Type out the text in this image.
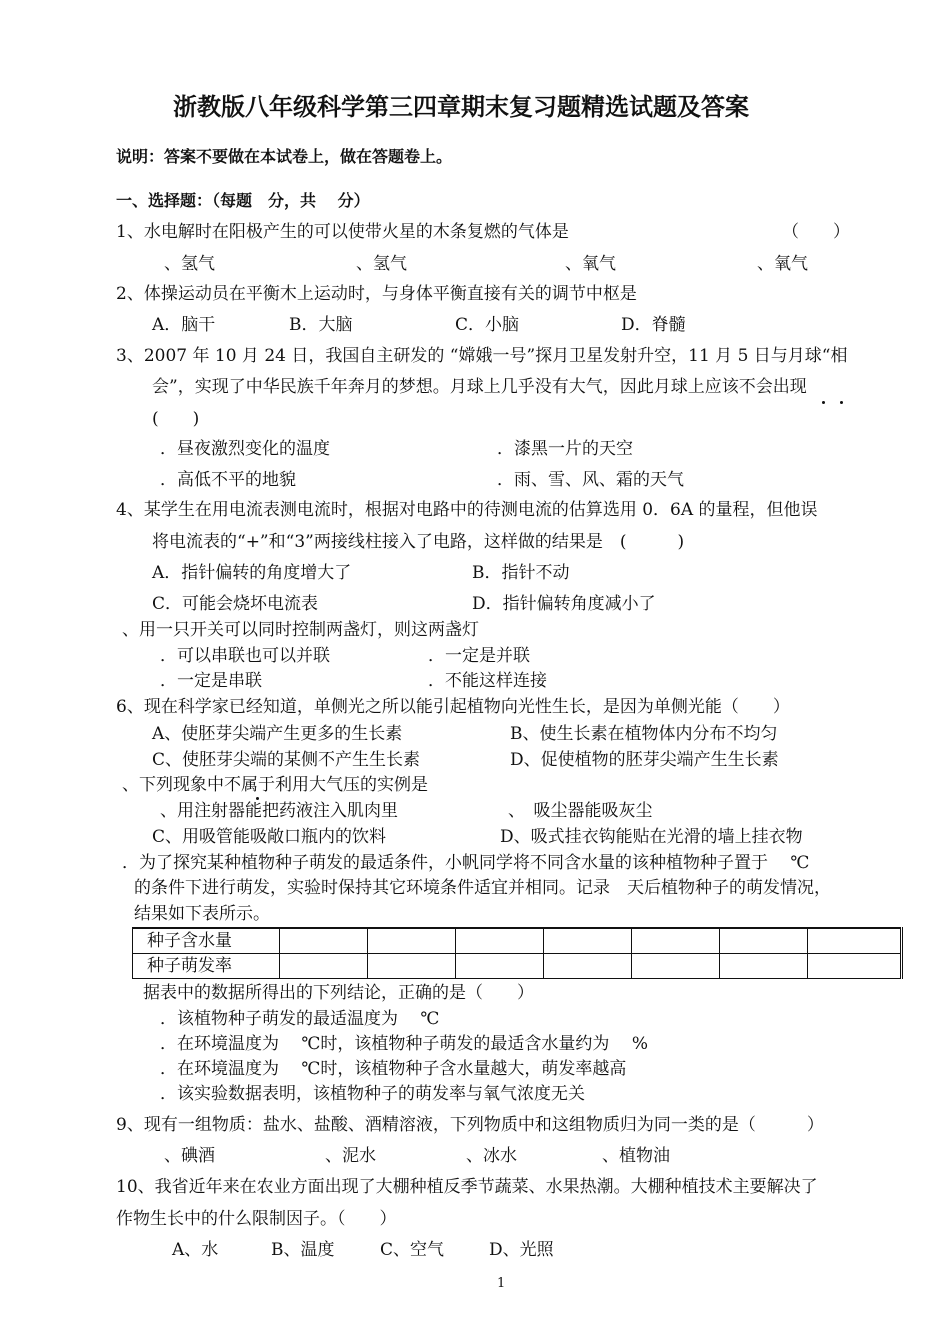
浙教版八年级科学第三四章期末复习题精选试题及答案
说明：答案不要做在本试卷上，做在答题卷上。
一、选择题：（每题　分，共　 分）
1、水电解时在阳极产生的可以使带火星的木条复燃的气体是	（　　）
、氢气	、氢气	、氧气	、氧气
2、体操运动员在平衡木上运动时，与身体平衡直接有关的调节中枢是
A．脑干	B．大脑	C．小脑	D．脊髓
3、2007 年 10 月 24 日，我国自主研发的 “嫦娥一号”探月卫星发射升空，11 月 5 日与月球“相
会”，实现了中华民族千年奔月的梦想。月球上几乎没有大气，因此月球上应该不会出现
(　　)
．昼夜激烈变化的温度	．漆黑一片的天空
．高低不平的地貌	．雨、雪、风、霜的天气
4、某学生在用电流表测电流时，根据对电路中的待测电流的估算选用 0．6A 的量程，但他误
将电流表的“+”和“3”两接线柱接入了电路，这样做的结果是　(　　　)
A．指针偏转的角度增大了	B．指针不动
C．可能会烧坏电流表	D．指针偏转角度减小了
、用一只开关可以同时控制两盏灯，则这两盏灯
．可以串联也可以并联	．一定是并联
．一定是串联	．不能这样连接
6、现在科学家已经知道，单侧光之所以能引起植物向光性生长，是因为单侧光能（　　）
A、使胚芽尖端产生更多的生长素	B、使生长素在植物体内分布不均匀
C、使胚芽尖端的某侧不产生生长素	D、促使植物的胚芽尖端产生生长素
、下列现象中不属于利用大气压的实例是
、用注射器能把药液注入肌肉里	、　吸尘器能吸灰尘
C、用吸管能吸敞口瓶内的饮料	D、吸式挂衣钩能贴在光滑的墙上挂衣物
．为了探究某种植物种子萌发的最适条件，小帆同学将不同含水量的该种植物种子置于　 ℃
的条件下进行萌发，实验时保持其它环境条件适宜并相同。记录　天后植物种子的萌发情况，
结果如下表所示。
种子含水量							
种子萌发率							
据表中的数据所得出的下列结论，正确的是（　　）
．该植物种子萌发的最适温度为　 ℃
．在环境温度为　 ℃时，该植物种子萌发的最适含水量约为　 %
．在环境温度为　 ℃时，该植物种子含水量越大，萌发率越高
．该实验数据表明，该植物种子的萌发率与氧气浓度无关
9、现有一组物质：盐水、盐酸、酒精溶液，下列物质中和这组物质归为同一类的是（　　　）
、碘酒	、泥水	、冰水	、植物油
10、我省近年来在农业方面出现了大棚种植反季节蔬菜、水果热潮。大棚种植技术主要解决了
作物生长中的什么限制因子。（　　）
A、水	B、温度	C、空气	D、光照
1
